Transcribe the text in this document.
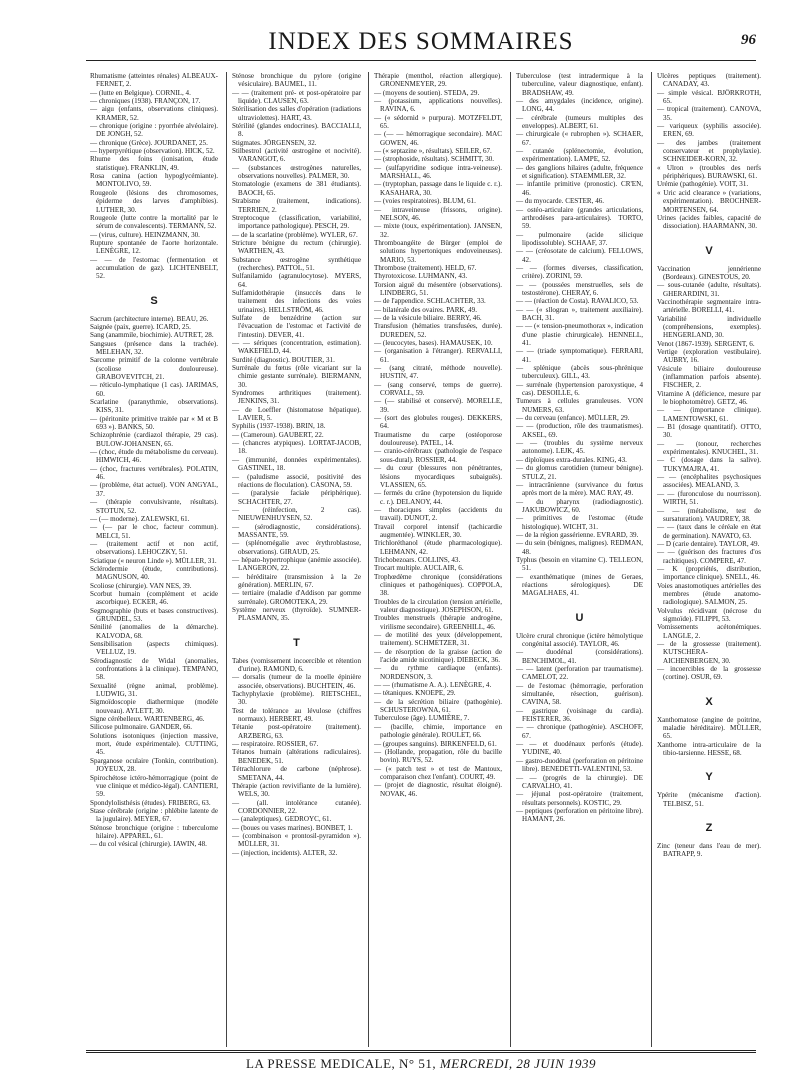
INDEX DES SOMMAIRES	96
Rhumatisme (atteintes rénales) ALBEAUX-FERNET, 2.
— (lutte en Belgique). CORNIL, 4.
— chroniques (1938). FRANÇON, 17.
— aigu (enfants, observations cliniques). KRAMER, 52.
— chronique (origine : pyorrhée alvéolaire). DE JONGH, 52.
— chronique (Grèce). JOURDANET, 25.
— hyperpyrétique (observation). HICK, 52.
Rhume des foins (ionisation, étude statistique). FRANKLIN, 49.
Rosa canina (action hypoglycémiante). MONTOLIVO, 59.
Rougeole (lésions des chromosomes, épiderme des larves d'amphibies). LUTHER, 30.
Rougeole (lutte contre la mortalité par le sérum de convalescents). TERMANN, 52.
— (virus, culture). HEINZMANN, 30.
Rupture spontanée de l'aorte horizontale. LENÈGRE, 12.
— — de l'estomac (fermentation et accumulation de gaz). LICHTENBELT, 52.
S
Sacrum (architecture interne). BEAU, 26.
Saignée (paix, guerre). ICARD, 25.
Sang (anammile, biochimie). AUTRET, 28.
Sangsues (présence dans la trachée). MELEHAN, 32.
Sarcome primitif de la colonne vertébrale (scoliose douloureuse). GRABOVEVITCH, 21.
— réticulo-lymphatique (1 cas). JARIMAS, 60.
Scarlatine (paranythmie, observations). KISS, 31.
— (péritonite primitive traitée par « M et B 693 »). BANKS, 50.
Schizophrénie (cardiazol thérapie, 29 cas). BULOW-JOHANSEN, 65.
— (choc, étude du métabolisme du cerveau). HIMWICH, 46.
— (choc, fractures vertébrales). POLATIN, 46.
— (problème, état actuel). VON ANGYAL, 37.
— (thérapie convulsivante, résultats). STOTUN, 52.
— (— moderne). ZALEWSKI, 61.
— (— par le choc, facteur commun). MELCI, 51.
— (traitement actif et non actif, observations). LEHOCZKY, 51.
Sciatique (« neuron Linde »). MÜLLER, 31.
Sclérodermie (étude, contributions). MAGNUSON, 40.
Scoliose (chirurgie). VAN NES, 39.
Scorbut humain (complément et acide ascorbique). ECKER, 46.
Segmographie (buts et bases constructives). GRUNDEL, 53.
Sénilité (anomalies de la démarche). KALVODA, 68.
Sensibilisation (aspects chimiques). VELLUZ, 19.
Sérodiagnostic de Widal (anomalies, confrontations à la clinique). TEMPANO, 58.
Sexualité (règne animal, problème). LUDWIG, 31.
Sigmoïdoscopie diathermique (modèle nouveau). AYLETT, 30.
Signe cérébelleux. WARTENBERG, 46.
Silicose pulmonaire. GANDER, 66.
Solutions isotoniques (injection massive, mort, étude expérimentale). CUTTING, 45.
Sparganose oculaire (Tonkin, contribution). JOYEUX, 28.
Spirochétose ictéro-hémorragique (point de vue clinique et médico-légal). CANTIERI, 59.
Spondylolisthésis (études). FRIBERG, 63.
Stase cérébrale (origine : phlébite latente de la jugulaire). MEYER, 67.
Sténose bronchique (origine : tuberculome hilaire). APPAREL, 61.
— du col vésical (chirurgie). IAWIN, 48.
Sténose bronchique du pylore (origine vésiculaire). BAUMEL, 11.
— — (traitement pré- et post-opératoire par liquide). CLAUSEN, 63.
Stérilisation des salles d'opération (radiations ultraviolettes). HART, 43.
Stérilité (glandes endocrines). BACCIALLI, 8.
Stigmates. JÖRGENSEN, 32.
Stilbestrol (activité œstrogène et nocivité). VARANGOT, 6.
— (substances œstrogènes naturelles, observations nouvelles). PALMER, 30.
Stomatologie (examens de 381 étudiants). BAOCH, 65.
Strabisme (traitement, indications). TERRIEN, 2.
Streptocoque (classification, variabilité, importance pathologique). PESCH, 29.
— de la scarlatine (problème). WYLER, 67.
Stricture bénigne du rectum (chirurgie). WARTHEN, 43.
Substance œstrogène synthétique (recherches). PATTOL, 51.
Sulfanilamido (agranulocytose). MYERS, 64.
Sulfamidothérapie (insuccès dans le traitement des infections des voies urinaires). HELLSTRÖM, 46.
Sulfate de benzédrine (action sur l'évacuation de l'estomac et l'activité de l'intestin). DEVER, 41.
— — sériques (concentration, estimation). WAKEFIELD, 44.
Surdité (diagnostic). BOUTIER, 31.
Surrénale du fœtus (rôle vicariant sur la chimie gestante surrénale). BIERMANN, 30.
Syndromes arthritiques (traitement). JENKINS, 31.
— de Loeffler (histomatose hépatique). LAVIER, 5.
Syphilis (1937-1938). BRIN, 18.
— (Cameroun). GAUBERT, 22.
— (chancres atypiques). LORTAT-JACOB, 18.
— (immunité, données expérimentales). GASTINEL, 18.
— (paludisme associé, positivité des réactions de floculation). CASONA, 59.
— (paralysie faciale périphérique). SCHACHTER, 27.
— (réinfection, 2 cas). NIEUWENHUYSEN, 52.
— (sérodiagnostic, considérations). MASSANTE, 59.
— (splénomégalie avec érythroblastose, observations). GIRAUD, 25.
— hépato-hypertrophique (anémie associée). LANGERON, 22.
— héréditaire (transmission à la 2e génération). MERLIN, 67.
— tertiaire (maladie d'Addison par gomme surrénale). GROMOTEKA, 29.
Système nerveux (thyroïde). SUMNER-PLASMANN, 35.
T
Tabes (vomissement incoercible et rétention d'urine). RAMOND, 6.
— dorsalis (tumeur de la moelle épinière associée, observations). BUCHTEIN, 46.
Tachyphylaxie (problème). RIETSCHEL, 30.
Test de tolérance au lévulose (chiffres normaux). HERBERT, 49.
Tétanie post-opératoire (traitement). ARZBERG, 63.
— respiratoire. ROSSIER, 67.
Tétanos humain (altérations radiculaires). BENEDEK, 51.
Tétrachlorure de carbone (néphrose). SMETANA, 44.
Thérapie (action revivifiante de la lumière). WELS, 30.
— (all. intolérance cutanée). CORDONNIER, 22.
— (analeptiques). GEDROYC, 61.
— (boues ou vases marines). BONBET, 1.
— (combinaison « prontosil-pyramidon »). MÜLLER, 31.
— (injection, incidents). ALTER, 32.
Thérapie (menthol, réaction allergique). GRONENMEYER, 29.
— (moyens de soutien). STEDA, 29.
— (potassium, applications nouvelles). RAVINA, 6.
— (« sédornid » purpura). MOTZFELDT, 65.
— (— — hémorragique secondaire). MAC GOWEN, 46.
— (« septazine », résultats). SEILER, 67.
— (strophoside, résultats). SCHMITT, 30.
— (sulfapyridine sodique intra-veineuse). MARSHALL, 46.
— (tryptophan, passage dans le liquide c. r.). KASAHARA, 30.
— (voies respiratoires). BLUM, 61.
— intraveineuse (frissons, origine). NELSON, 46.
— mixte (toux, expérimentation). JANSEN, 32.
Thromboangéite de Bürger (emploi de solutions hypertoniques endoveineuses). MARIO, 53.
Thrombose (traitement). HELD, 67.
Thyrotoxicose. LUHMANN, 43.
Torsion aiguë du mésentère (observations). LINDBERG, 51.
— de l'appendice. SCHLACHTER, 33.
— bilatérale des ovaires. PARK, 49.
— de la vésicule biliaire. BERRY, 46.
Transfusion (hématies transfusées, durée). DUREDEN, 52.
— (leucocytes, bases). HAMAUSEK, 10.
— (organisation à l'étranger). RERVALLI, 61.
— (sang citraté, méthode nouvelle). HUSTIN, 47.
— (sang conservé, temps de guerre). CORVALL, 59.
— (— stabilisé et conservé). MORELLE, 39.
— (sort des globules rouges). DEKKERS, 64.
Traumatisme du carpe (ostéoporose douloureuse). PATEL, 14.
— cranio-cérébraux (pathologie de l'espace sous-dural). ROSSIER, 44.
— du cœur (blessures non pénétrantes, lésions myocardiques subaiguës). VLASSIEN, 65.
— fermés du crâne (hypotension du liquide c. r.). DELANOY, 44.
— thoraciques simples (accidents du travail). DUNOT, 2.
Travail corporel intensif (tachicardie augmentée). WINKLER, 30.
Trichloréthanol (étude pharmacologique). LEHMANN, 42.
Trichobezoars. COLLINS, 43.
Trocart multiple. AUCLAIR, 6.
Trophœdème chronique (considérations cliniques et pathogéniques). COPPOLA, 38.
Troubles de la circulation (tension artérielle, valeur diagnostique). JOSEPHSON, 61.
Troubles menstruels (thérapie androgène, virilisme secondaire). GREENHILL, 46.
— de motilité des yeux (développement, traitement). SCHMETZER, 31.
— de résorption de la graisse (action de l'acide amide nicotinique). DIEBECK, 36.
— du rythme cardiaque (enfants). NORDENSON, 3.
— — (rhumatisme A. A.). LENÈGRE, 4.
— tétaniques. KNOEPE, 29.
— de la sécrétion biliaire (pathogénie). SCHUSTEROWNA, 61.
Tuberculose (âge). LUMIÈRE, 7.
— (bacille, chimie, importance en pathologie générale). ROULET, 66.
— (groupes sanguins). BIRKENFELD, 61.
— (Hollande, propagation, rôle du bacille bovin). RUYS, 52.
— (« patch test » et test de Mantoux, comparaison chez l'enfant). COURT, 49.
— (projet de diagnostic, résultat éloigné). NOVAK, 46.
Tuberculose (test intradermique à la tuberculine, valeur diagnostique, enfant). BRADSHAW, 49.
— des amygdales (incidence, origine). LONG, 44.
— cérébrale (tumeurs multiples des enveloppes). ALBERT, 61.
— chirurgicale (« rubrophen »). SCHAER, 67.
— cutanée (splénectomie, évolution, expérimentation). LAMPE, 52.
— des ganglions hilaires (adulte, fréquence et signification). STAEMMLER, 32.
— infantile primitive (pronostic). CR'EN, 46.
— du myocarde. CESTER, 46.
— ostéo-articulaire (grandes articulations, arthrodèses para-articulaires). TORTO, 59.
— pulmonaire (acide silicique lipodissoluble). SCHAAF, 37.
— — (créosotate de calcium). FELLOWS, 42.
— — (formes diverses, classification, critère). ZORINI, 59.
— — (poussées menstruelles, sels de testostérone). CHERAY, 6.
— — (réaction de Costa). RAVALICO, 53.
— — (« sllogran », traitement auxiliaire). BACH, 31.
— — (« tension-pneumothorax », indication d'une plastie chirurgicale). HENNELL, 41.
— — (triade symptomatique). FERRARI, 41.
— splénique (abcès sous-phrénique tuberculeux). GILL, 43.
— surrénale (hypertension paroxystique, 4 cas). DESOILLE, 6.
Tumeurs à cellules granuleuses. VON NUMERS, 63.
— du cerveau (enfance). MÜLLER, 29.
— — (production, rôle des traumatismes). AKSEL, 69.
— — (troubles du système nerveux autonome). LEJK, 45.
— diploïques extra-durales. KING, 43.
— du glomus carotidien (tumeur bénigne). STULZ, 21.
— intracrânienne (survivance du fœtus après mort de la mère). MAC RAY, 49.
— du pharynx (radiodiagnostic). JAKUBOWICZ, 60.
— primitives de l'estomac (étude histologique). WICHT, 31.
— de la région gassérienne. EVRARD, 39.
— du sein (bénignes, malignes). REDMAN, 48.
Typhus (besoin en vitamine C). TELLEON, 51.
— exanthématique (mines de Geraes, réactions sérologiques). DE MAGALHAES, 41.
U
Ulcère crural chronique (ictère hémolytique congénital associé). TAYLOR, 46.
— duodénal (considérations). BENCHIMOL, 41.
— — latent (perforation par traumatisme). CAMELOT, 22.
— de l'estomac (hémorragie, perforation simultanée, résection, guérison). CAVINA, 58.
— gastrique (voisinage du cardia). FEISTERER, 36.
— — chronique (pathogénie). ASCHOFF, 67.
— — et duodénaux perforés (étude). YUDINE, 40.
— gastro-duodénal (perforation en péritoine libre). BENEDETTI-VALENTINI, 53.
— — (progrès de la chirurgie). DE CARVALHO, 41.
— jéjunal post-opératoire (traitement, résultats personnels). KOSTIC, 29.
— peptiques (perforation en péritoine libre). HAMANT, 26.
Ulcères peptiques (traitement). CANADAY, 43.
— simple vésical. BJÖRKROTH, 65.
— tropical (traitement). CANOVA, 35.
— variqueux (syphilis associée). EREN, 69.
— des jambes (traitement conservateur et prophylaxie). SCHNEIDER-KORN, 32.
« Ulron » (troubles des nerfs périphériques). BURAWSKI, 61.
Urémie (pathogénie). VOIT, 31.
« Uric acid clearance » (variations, expérimentation). BROCHNER-MORTENSEN, 64.
Urines (acides faibles, capacité de dissociation). HAARMANN, 30.
V
Vaccination jennérienne (Bordeaux). GINESTOUS, 20.
— sous-cutanée (adulte, résultats). GHERARDINI, 31.
Vaccinothérapie segmentaire intra-artérielle. BORELLI, 41.
Variabilité individuelle (compréhensions, exemples). HENGERLAND, 30.
Venot (1867-1939). SERGENT, 6.
Vertige (exploration vestibulaire). AUBRY, 16.
Vésicule biliaire douloureuse (inflammation parfois absente). FISCHER, 2.
Vitamine A (déficience, mesure par le biophotomètre). GETZ, 46.
— — (importance clinique). LAMENTOWSKI, 61.
— B1 (dosage quantitatif). OTTO, 30.
— — (tonour, recherches expérimentales). KNUCHEL, 31.
— C (dosage dans la salive). TUKYMAJRA, 41.
— — (encéphalites psychosiques associées). MEALAND, 3.
— — (furonculose du nourrisson). WIRTH, 51.
— — (métabolisme, test de sursaturation). VAUDREY, 38.
— — (taux dans le céréale en état de germination). NAVATO, 63.
— D (carie dentaire). TAYLOR, 49.
— — (guérison des fractures d'os rachitiques). COMPERE, 47.
— K (propriétés, distribution, importance clinique). SNELL, 46.
Voies anastomotiques artérielles des membres (étude anatomo-radiologique). SALMON, 25.
Volvulus récidivant (nécrose du sigmoïde). FILIPPI, 53.
Vomissements acétonémiques. LANGLE, 2.
— de la grossesse (traitement). KUTSCHERA-AICHENBERGEN, 30.
— incoercibles de la grossesse (cortine). OSUR, 69.
X
Xanthomatose (angine de poitrine, maladie héréditaire). MÜLLER, 65.
Xanthome intra-articulaire de la tibio-tarsienne. HESSE, 68.
Y
Ypérite (mécanisme d'action). TELBISZ, 51.
Z
Zinc (teneur dans l'eau de mer). BATRAPP, 9.
LA PRESSE MEDICALE, N° 51, MERCREDI, 28 JUIN 1939
